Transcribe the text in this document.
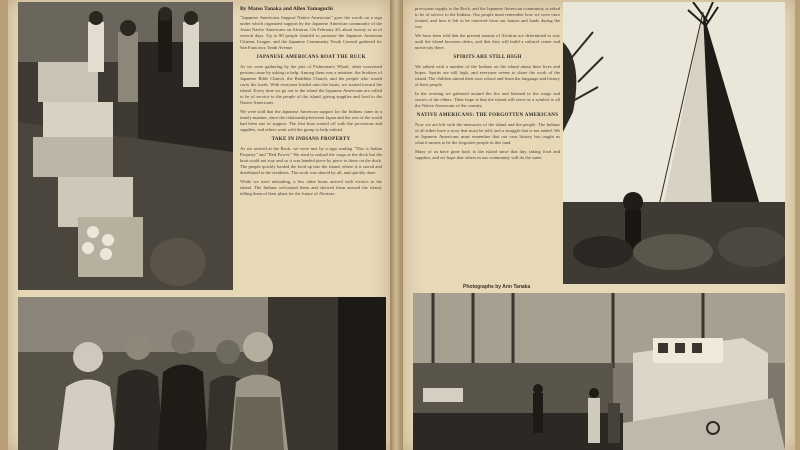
By Mateo Tanaka and Allen Yamaguchi
"Japanese Americans Support Native Americans" goes the words on a sign under which organized support by the Japanese American community of the Asian Native Americans on Alcatraz. On February 20, about twenty or so of several days. Up to 80 people shuttled to promote the Japanese American Citizens League, and the Japanese Community Youth Council gathered for San Francisco Tenth Avenue.
JAPANESE AMERICANS BOAT THE RUCK
As we were gathering by the pier of Fisherman's Wharf, other concerned persons came by asking to help. Among them was a minister, the brothers of Japanese Bible Church, the Buddhist Church, and the people who would carry the loads. With everyone loaded onto the boats, we started toward the island. Every time we go out to the island the Japanese Americans are called to be of service to the people of the island, giving supplies and food to the Native Americans.
We were told that the Japanese American support for the Indians came in a timely manner, since the relationship between Japan and the rest of the world had been one of support. The first boat started off with the provisions and supplies, and others went with the group to help unload.
TAKE IN INDIANS PROPERTY
As we arrived at the Rock, we were met by a sign reading "This is Indian Property" and "Red Power." We tried to unload the cargo at the dock but the boat could not stay and so it was handed piece by piece to those on the dock. The people quickly hauled the food up into the island, where it is stored and distributed to the residents. The work was shared by all, and quickly done.
While we were unloading, a few other boats arrived with visitors to the island. The Indians welcomed them and showed them around the island, telling them of their plans for the future of Alcatraz.
provisions supply to the Rock, and the Japanese American community is asked to be of service to the Indians. Our people must remember how we were once treated, and how it felt to be removed from our homes and lands during the war.
We have been told that the present tenants of Alcatraz are determined to stay until the island becomes theirs, and that they will build a cultural center and university there.
SPIRITS ARE STILL HIGH
We talked with a number of the Indians on the island about their lives and hopes. Spirits are still high, and everyone seems to share the work of the island. The children attend their own school and learn the language and history of their people.
In the evening we gathered around the fire and listened to the songs and stories of the elders. Their hope is that the island will serve as a symbol to all the Native Americans of the country.
NATIVE AMERICANS: THE FORGOTTEN AMERICANS
Now we are left with the memories of the island and the people. The Indians of all tribes have a story that must be told, and a struggle that is not ended. We as Japanese Americans must remember that our own history has taught us what it means to be the forgotten people in this land.
Many of us have gone back to the island since that day, taking food and supplies, and we hope that others in our community will do the same.
Photographs by Ann Tanaka
